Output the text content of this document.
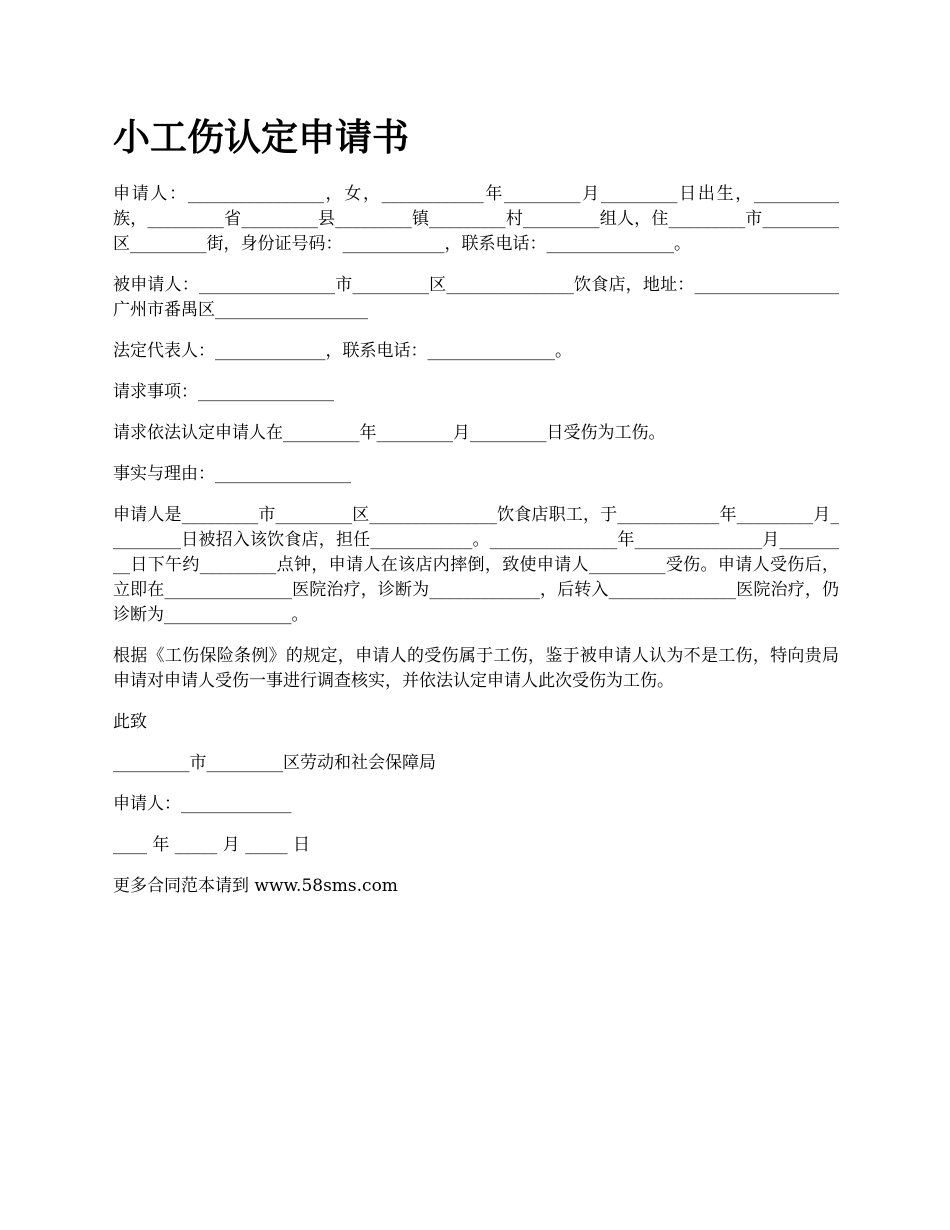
小工伤认定申请书

申请人：________________，女，____________年_________月_________日出生，__________族，_________省_________县_________镇_________村_________组人，住_________市_________区_________街，身份证号码：____________，联系电话：_______________。

被申请人：________________市_________区_______________饮食店，地址：_________________广州市番禺区__________________

法定代表人：_____________，联系电话：_______________。

请求事项：________________

请求依法认定申请人在_________年_________月_________日受伤为工伤。

事实与理由：________________

申请人是_________市_________区_______________饮食店职工，于____________年_________月_________日被招入该饮食店，担任____________。_______________年_______________月_________日下午约_________点钟，申请人在该店内摔倒，致使申请人_________受伤。申请人受伤后，立即在_______________医院治疗，诊断为_____________，后转入_______________医院治疗，仍诊断为_______________。

根据《工伤保险条例》的规定，申请人的受伤属于工伤，鉴于被申请人认为不是工伤，特向贵局申请对申请人受伤一事进行调查核实，并依法认定申请人此次受伤为工伤。

此致

_________市_________区劳动和社会保障局

申请人：_____________

____ 年 _____ 月 _____ 日

更多合同范本请到 www.58sms.com
